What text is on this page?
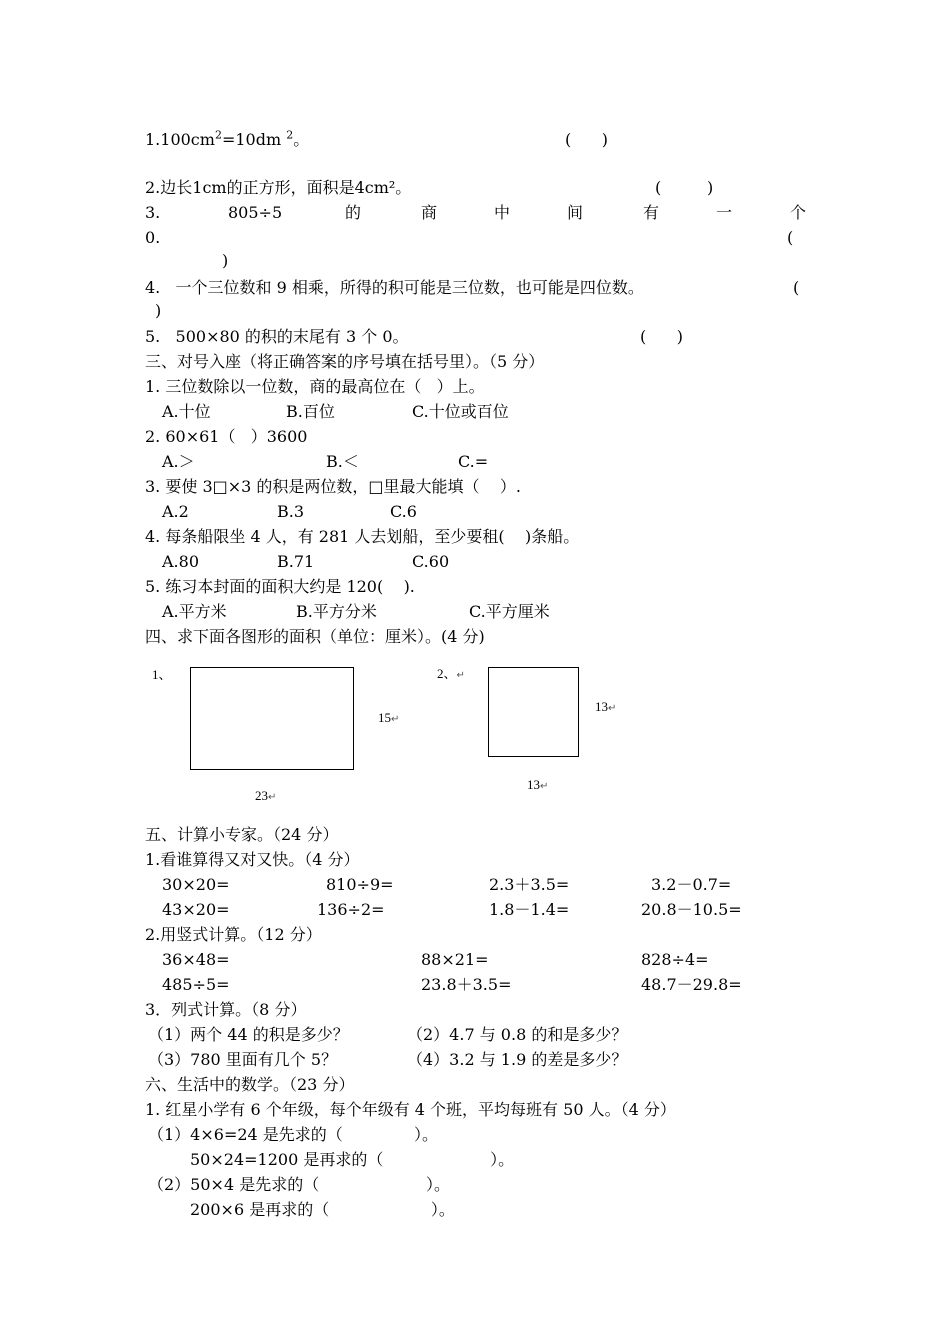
$1.100cm^2=10dm$ $^2$。	(      )
2.边长1cm的正方形，面积是4cm²。	(         )
3.	805÷5	的	商	中	间	有	一	个
0.	(
)
4.   一个三位数和 9 相乘，所得的积可能是三位数，也可能是四位数。	(
)
5.   500×80 的积的末尾有 3 个 0。	(      )
三、对号入座（将正确答案的序号填在括号里）。（5 分）
1. 三位数除以一位数，商的最高位在（   ）上。
A.十位	B.百位	C.十位或百位
2. 60×61（   ）3600
A.＞	B.＜	C.=
3. 要使 3□×3 的积是两位数，□里最大能填（    ）.
A.2	B.3	C.6
4. 每条船限坐 4 人，有 281 人去划船，至少要租(    )条船。
A.80	B.71	C.60
5. 练习本封面的面积大约是 120(    ).
A.平方米	B.平方分米	C.平方厘米
四、求下面各图形的面积（单位：厘米）。(4 分)
1、
15↵
23↵
2、↵
13↵
13↵
五、计算小专家。（24 分）
1.看谁算得又对又快。（4 分）
30×20=	810÷9=	2.3＋3.5=	3.2－0.7=
43×20=	136÷2=	1.8－1.4=	20.8－10.5=
2.用竖式计算。（12 分）
36×48=	88×21=	828÷4=
485÷5=	23.8＋3.5=	48.7－29.8=
3．列式计算。（8 分）
（1）两个 44 的积是多少？	（2）4.7 与 0.8 的和是多少？
（3）780 里面有几个 5？	（4）3.2 与 1.9 的差是多少？
六、生活中的数学。（23 分）
1. 红星小学有 6 个年级，每个年级有 4 个班，平均每班有 50 人。（4 分）
（1）4×6=24 是先求的（              ）。
50×24=1200 是再求的（                     ）。
（2）50×4 是先求的（                     ）。
200×6 是再求的（                    ）。
